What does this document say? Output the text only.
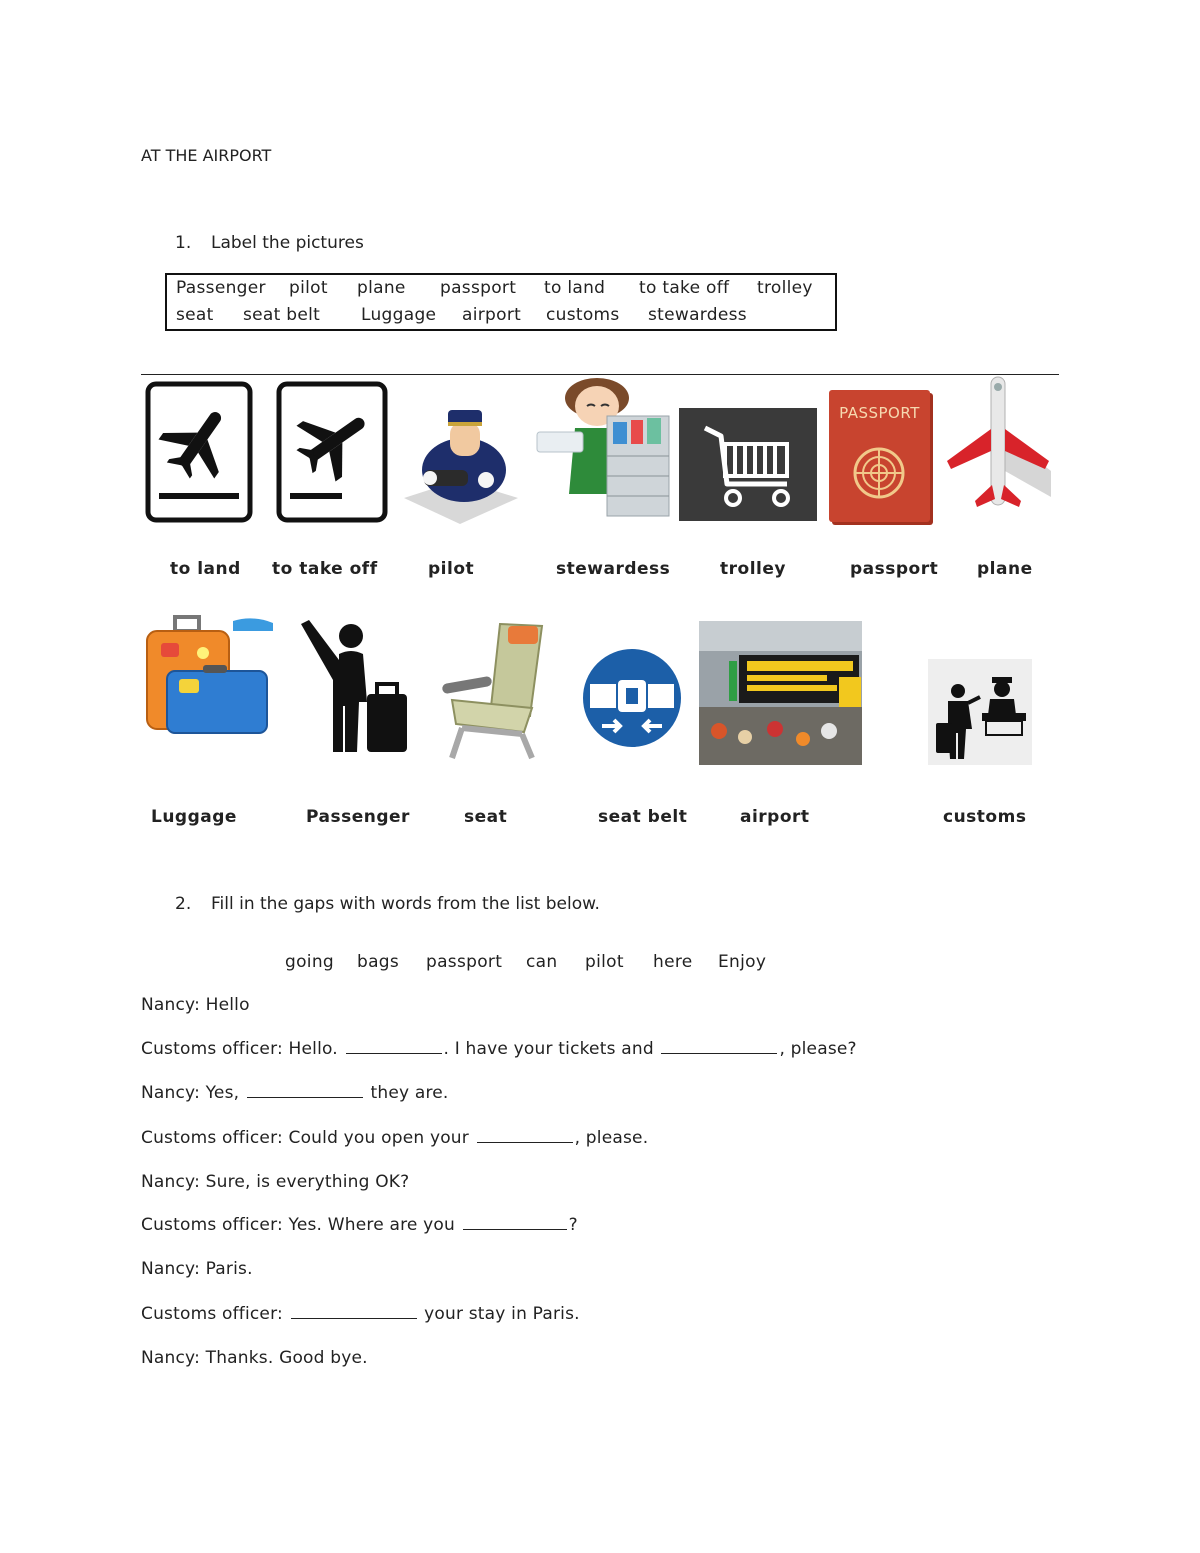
AT THE AIRPORT
1. Label the pictures
Passenger pilot plane passport to land to take off trolley
seat seat belt Luggage airport customs stewardess
PASSPORT
to land to take off	pilot	stewardess	trolley	passport plane
Luggage	Passenger	seat	seat belt	airport	customs
2. Fill in the gaps with words from the list below.
going bags passport can pilot here Enjoy
Nancy: Hello
Customs officer: Hello.	. I have your tickets and	, please?
Nancy: Yes,	they are.
Customs officer: Could you open your	, please.
Nancy: Sure, is everything OK?
Customs officer: Yes. Where are you	?
Nancy: Paris.
Customs officer:	your stay in Paris.
Nancy: Thanks. Good bye.
